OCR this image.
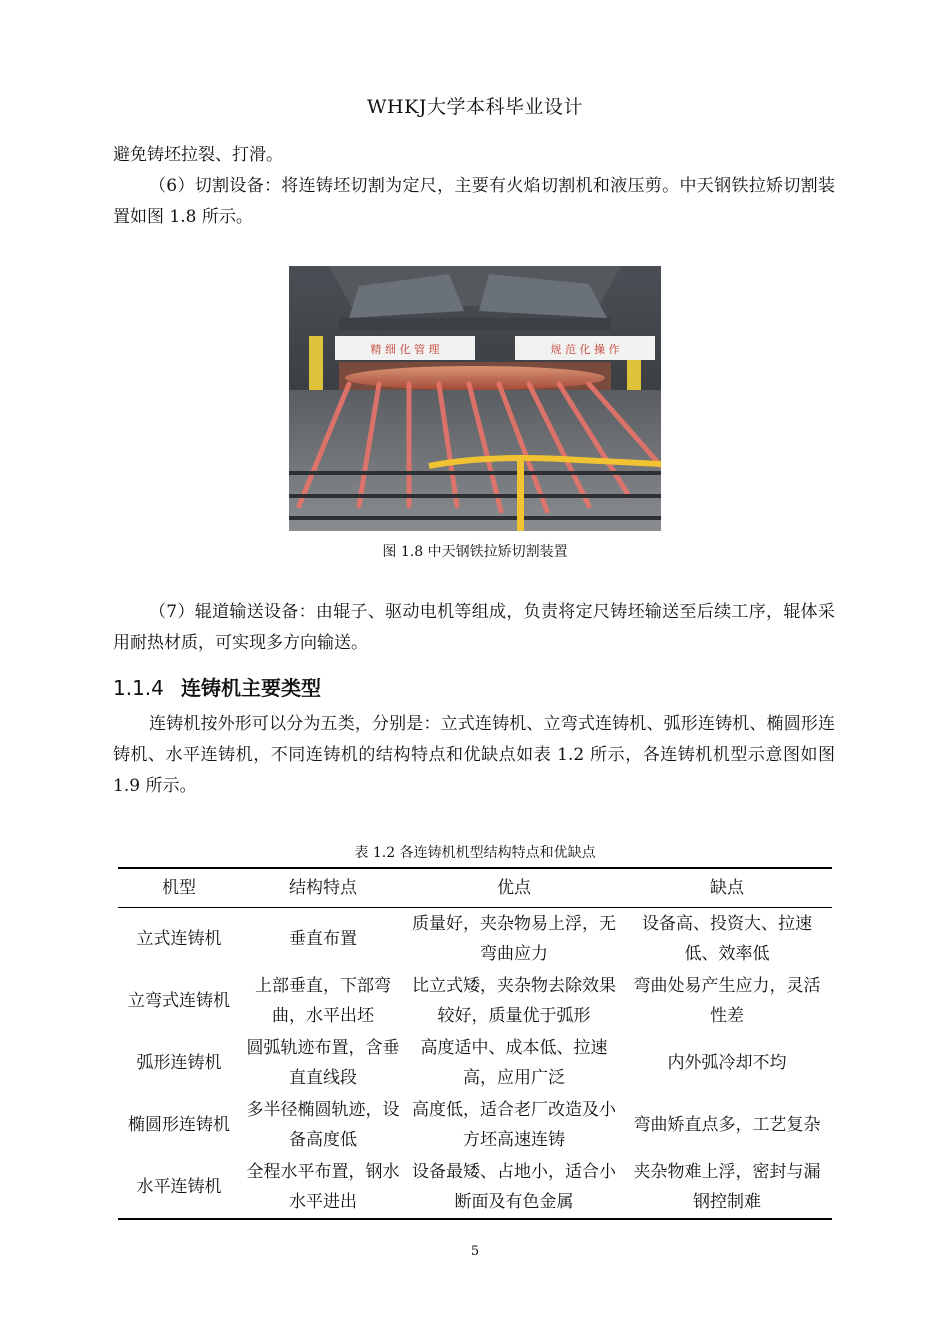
WHKJ大学本科毕业设计

避免铸坯拉裂、打滑。

（6）切割设备：将连铸坯切割为定尺，主要有火焰切割机和液压剪。中天钢铁拉矫切割装置如图 1.8 所示。

精 细 化 管 理	规 范 化 操 作
图 1.8 中天钢铁拉矫切割装置

（7）辊道输送设备：由辊子、驱动电机等组成，负责将定尺铸坯输送至后续工序，辊体采用耐热材质，可实现多方向输送。

1.1.4 连铸机主要类型

连铸机按外形可以分为五类，分别是：立式连铸机、立弯式连铸机、弧形连铸机、椭圆形连铸机、水平连铸机，不同连铸机的结构特点和优缺点如表 1.2 所示，各连铸机机型示意图如图 1.9 所示。

表 1.2 各连铸机机型结构特点和优缺点
机型	结构特点	优点	缺点
立式连铸机	垂直布置	质量好，夹杂物易上浮，无弯曲应力	设备高、投资大、拉速低、效率低
立弯式连铸机	上部垂直，下部弯曲，水平出坯	比立式矮，夹杂物去除效果较好，质量优于弧形	弯曲处易产生应力，灵活性差
弧形连铸机	圆弧轨迹布置，含垂直直线段	高度适中、成本低、拉速高，应用广泛	内外弧冷却不均
椭圆形连铸机	多半径椭圆轨迹，设备高度低	高度低，适合老厂改造及小方坯高速连铸	弯曲矫直点多，工艺复杂
水平连铸机	全程水平布置，钢水水平进出	设备最矮、占地小，适合小断面及有色金属	夹杂物难上浮，密封与漏钢控制难
5
